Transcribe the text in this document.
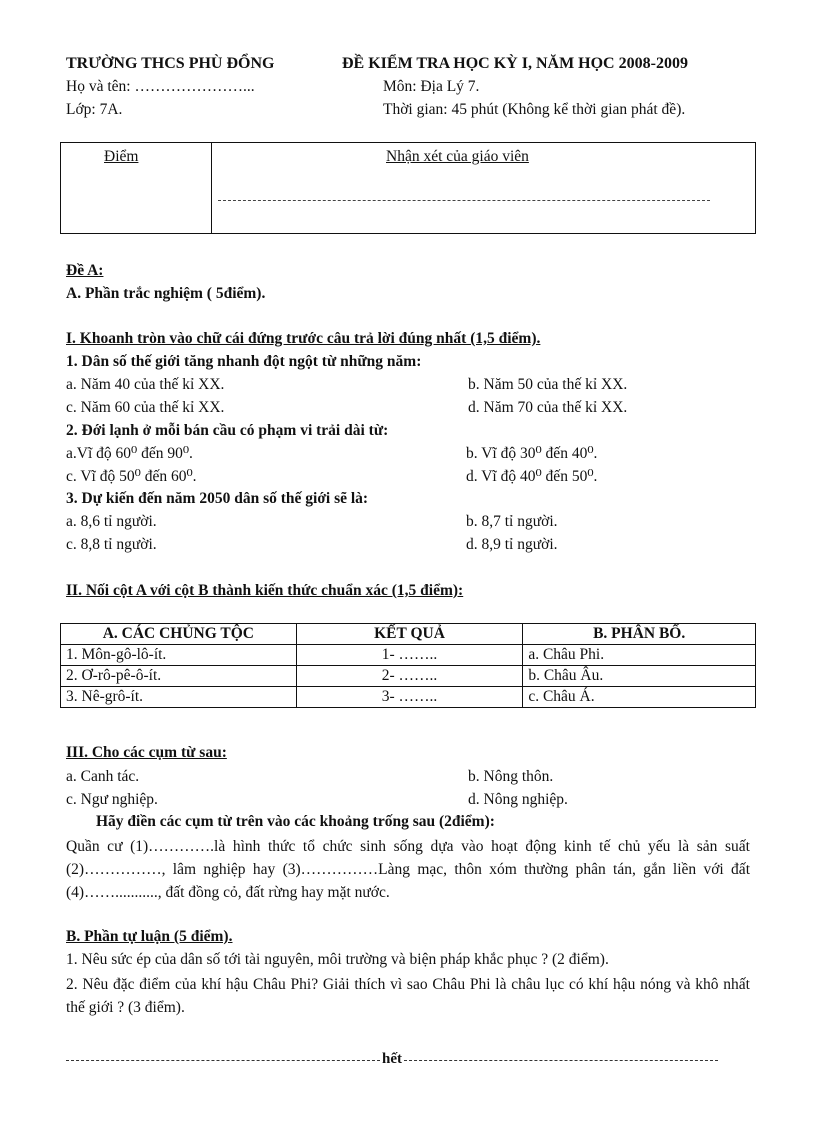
TRƯỜNG THCS PHÙ ĐỔNG	ĐỀ KIỂM TRA HỌC KỲ I, NĂM HỌC 2008-2009
Họ và tên: …………………...	Môn: Địa Lý 7.
Lớp: 7A.	Thời gian: 45 phút (Không kể thời gian phát đề).
Điểm	Nhận xét của giáo viên
Đề A:
A. Phần trắc nghiệm ( 5điểm).
I. Khoanh tròn vào chữ cái đứng trước câu trả lời đúng nhất (1,5 điểm).
1. Dân số thế giới tăng nhanh đột ngột từ những năm:
a. Năm 40 của thế kỉ XX.	b. Năm 50 của thế kỉ XX.
c. Năm 60 của thế kỉ XX.	d. Năm 70 của thế kỉ XX.
2. Đới lạnh ở mỗi bán cầu có phạm vi trải dài từ:
a.Vĩ độ 60⁰ đến 90⁰.	b. Vĩ độ 30⁰ đến 40⁰.
c. Vĩ độ 50⁰ đến 60⁰.	d. Vĩ độ 40⁰ đến 50⁰.
3. Dự kiến đến năm 2050 dân số thế giới sẽ là:
a. 8,6 tỉ người.	b. 8,7 tỉ người.
c. 8,8 tỉ người.	d. 8,9 tỉ người.
II. Nối cột A với cột B thành kiến thức chuẩn xác (1,5 điểm):
A. CÁC CHỦNG TỘC	KẾT QUẢ	B. PHÂN BỐ.
1. Môn-gô-lô-ít.	1- ……..	a. Châu Phi.
2. Ơ-rô-pê-ô-ít.	2- ……..	b. Châu Âu.
3. Nê-grô-ít.	3- ……..	c. Châu Á.
III. Cho các cụm từ sau:
a. Canh tác.	b. Nông thôn.
c. Ngư nghiệp.	d. Nông nghiệp.
Hãy điền các cụm từ trên vào các khoảng trống sau (2điểm):
Quần cư (1)………….là hình thức tổ chức sinh sống dựa vào hoạt động kinh tế chủ yếu là sản suất (2)……………, lâm nghiệp hay (3)……………Làng mạc, thôn xóm thường phân tán, gắn liền với đất (4)……..........., đất đồng cỏ, đất rừng hay mặt nước.
B. Phần tự luận (5 điểm).
1. Nêu sức ép của dân số tới tài nguyên, môi trường và biện pháp khắc phục ? (2 điểm).
2. Nêu đặc điểm của khí hậu Châu Phi? Giải thích vì sao Châu Phi là châu lục có khí hậu nóng và khô nhất thế giới ? (3 điểm).
hết
